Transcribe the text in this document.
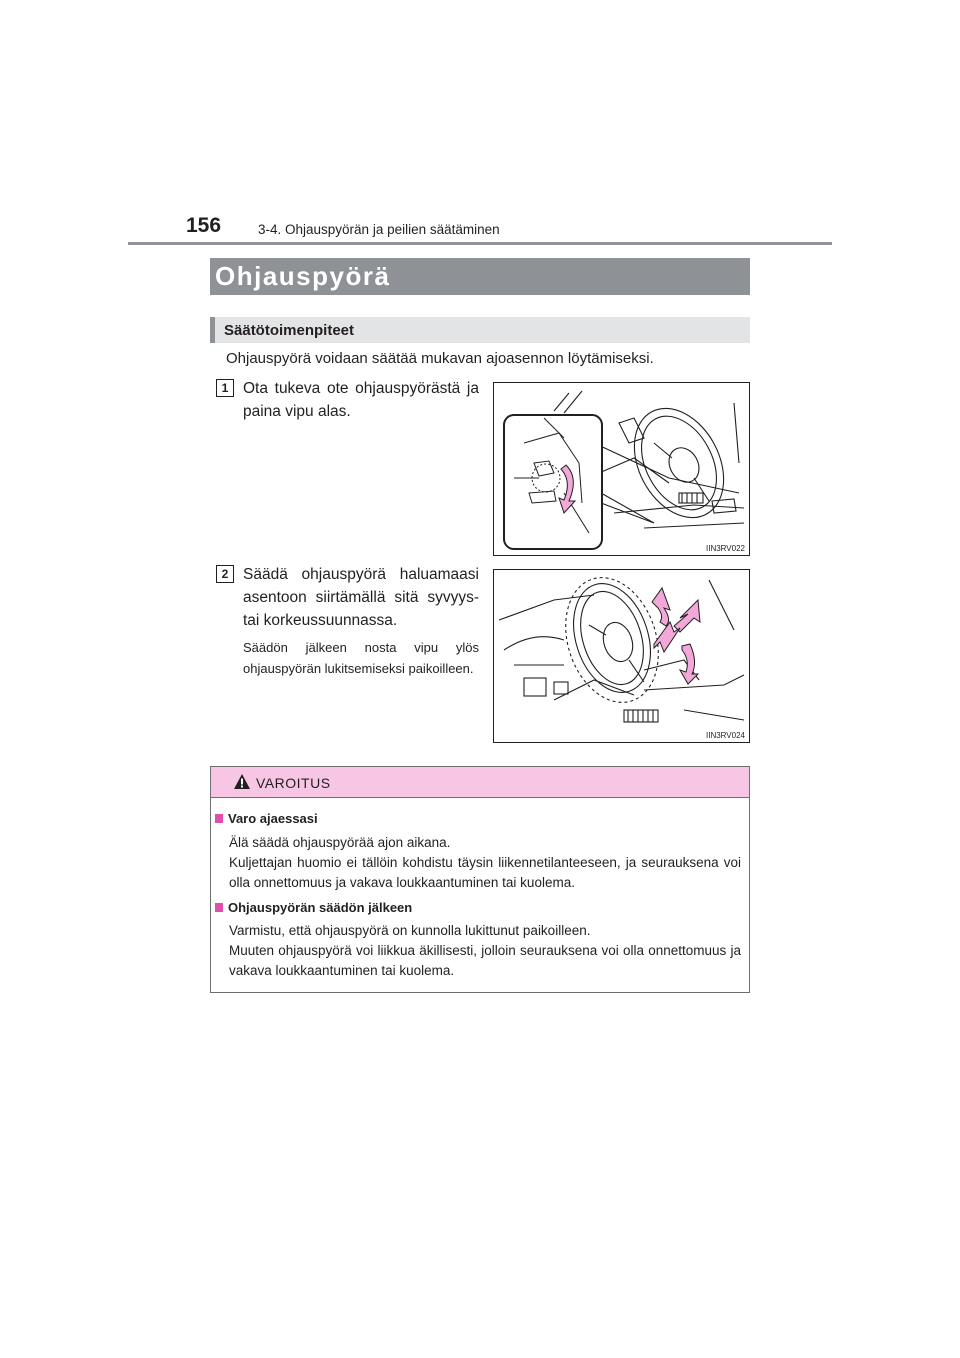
156	3-4. Ohjauspyörän ja peilien säätäminen
Ohjauspyörä
Säätötoimenpiteet
Ohjauspyörä voidaan säätää mukavan ajoasennon löytämiseksi.
1 Ota tukeva ote ohjauspyörästä ja paina vipu alas.
IIN3RV022
2 Säädä ohjauspyörä haluamaasi asentoon siirtämällä sitä syvyys- tai korkeussuunnassa.
Säädön jälkeen nosta vipu ylös ohjauspyörän lukitsemiseksi paikoilleen.
IIN3RV024
VAROITUS
Varo ajaessasi
Älä säädä ohjauspyörää ajon aikana.
Kuljettajan huomio ei tällöin kohdistu täysin liikennetilanteeseen, ja seurauksena voi olla onnettomuus ja vakava loukkaantuminen tai kuolema.
Ohjauspyörän säädön jälkeen
Varmistu, että ohjauspyörä on kunnolla lukittunut paikoilleen.
Muuten ohjauspyörä voi liikkua äkillisesti, jolloin seurauksena voi olla onnettomuus ja vakava loukkaantuminen tai kuolema.
